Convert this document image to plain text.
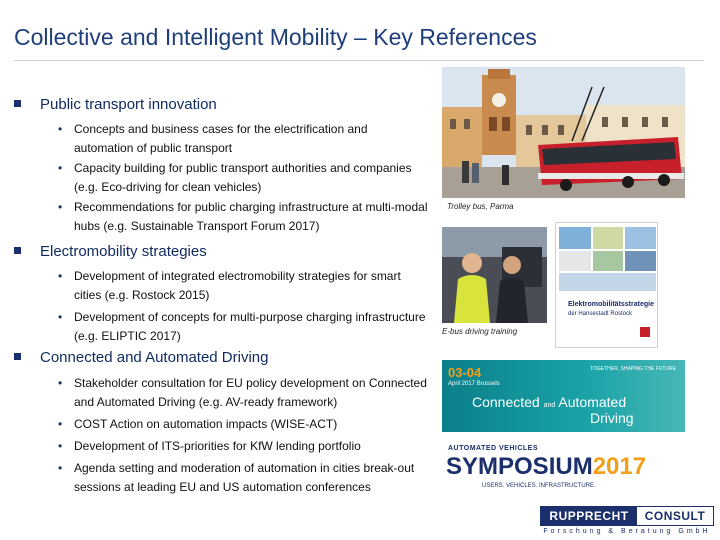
Collective and Intelligent Mobility – Key References
Public transport innovation
• Concepts and business cases for the electrification and automation of public transport
• Capacity building for public transport authorities and companies (e.g. Eco-driving for clean vehicles)
• Recommendations for public charging infrastructure at multi-modal hubs (e.g. Sustainable Transport Forum 2017)
Electromobility strategies
• Development of integrated electromobility strategies for smart cities (e.g. Rostock 2015)
• Development of concepts for multi-purpose charging infrastructure (e.g. ELIPTIC 2017)
Connected and Automated Driving
• Stakeholder consultation for EU policy development on Connected and Automated Driving (e.g. AV-ready framework)
• COST Action on automation impacts (WISE-ACT)
• Development of ITS-priorities for KfW lending portfolio
• Agenda setting and moderation of automation in cities break-out sessions at leading EU and US automation conferences
Trolley bus, Parma
E-bus driving training
Elektromobilitätsstrategie
der Hansestadt Rostock
03-04
April 2017 Brussels
TOGETHER, SHAPING THE FUTURE
Connected and Automated
Driving
AUTOMATED VEHICLES
SYMPOSIUM2017
USERS. VEHICLES. INFRASTRUCTURE.
RUPPRECHT	CONSULT
Forschung & Beratung GmbH
